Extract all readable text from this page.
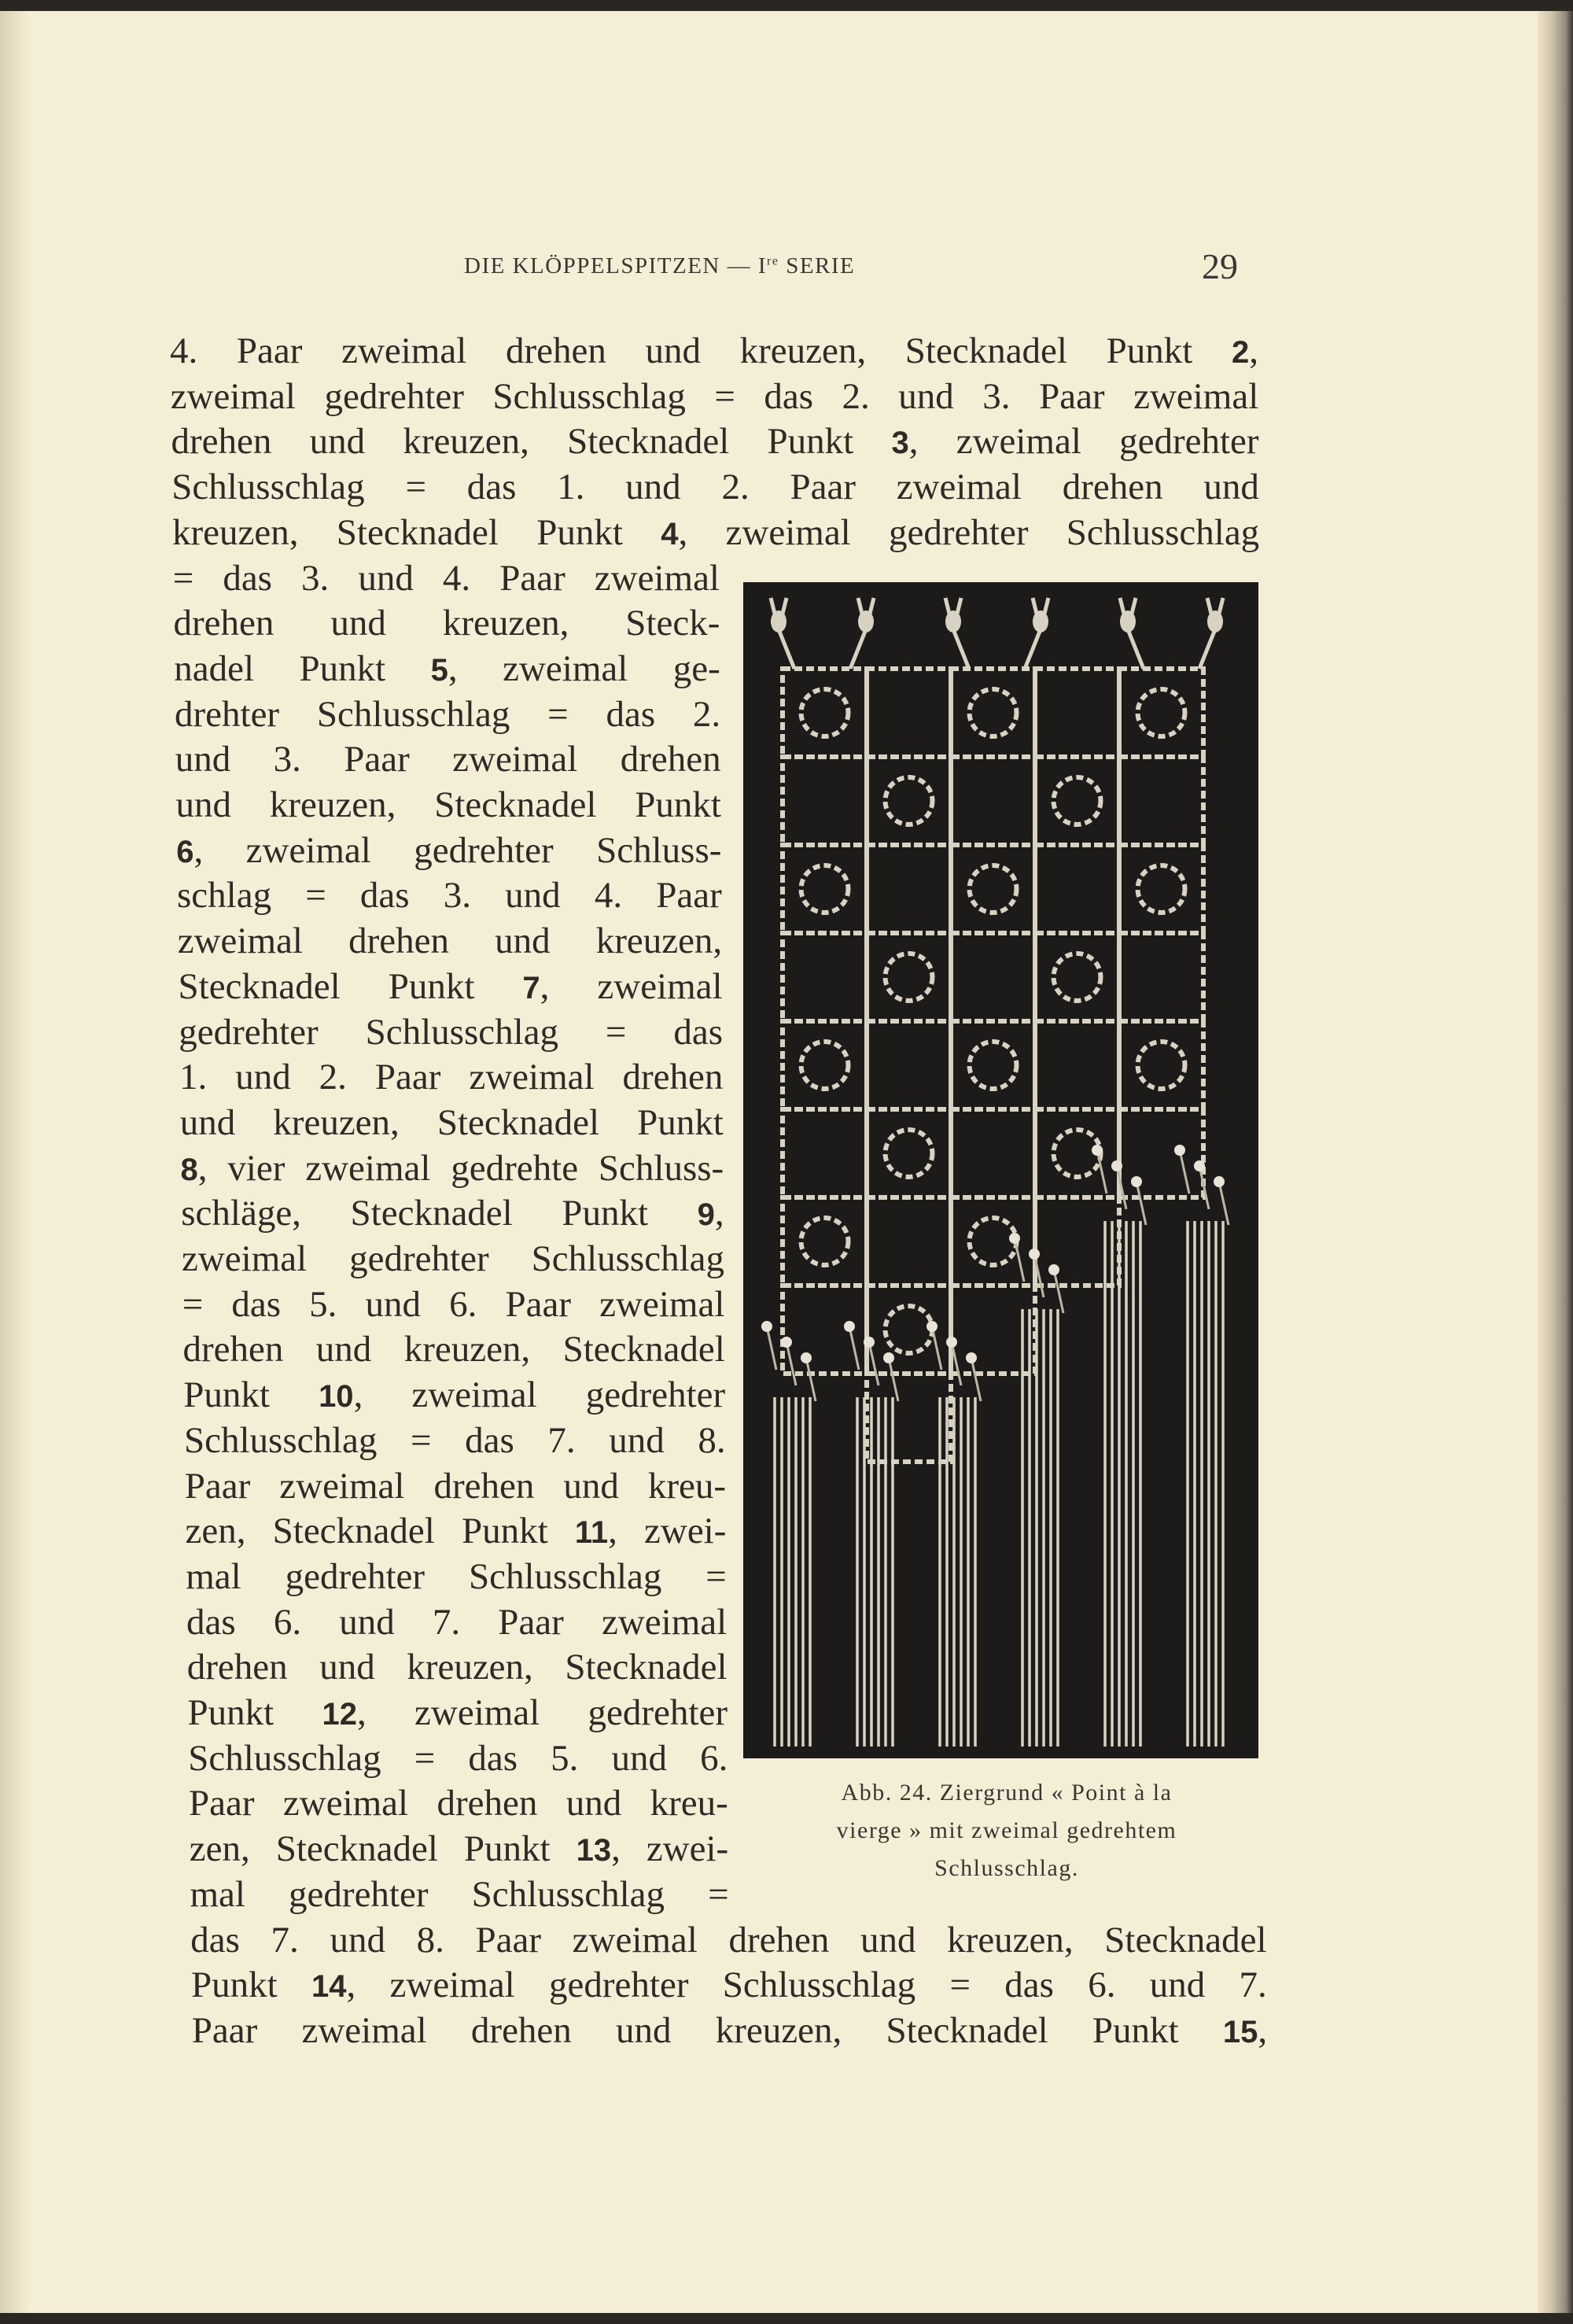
DIE KLÖPPELSPITZEN — Ire SERIE	29
4. Paar zweimal drehen und kreuzen, Stecknadel Punkt 2,
zweimal gedrehter Schlusschlag = das 2. und 3. Paar zweimal
drehen und kreuzen, Stecknadel Punkt 3, zweimal gedrehter
Schlusschlag = das 1. und 2. Paar zweimal drehen und
kreuzen, Stecknadel Punkt 4, zweimal gedrehter Schlusschlag
= das 3. und 4. Paar zweimal
drehen und kreuzen, Steck-
nadel Punkt 5, zweimal ge-
drehter Schlusschlag = das 2.
und 3. Paar zweimal drehen
und kreuzen, Stecknadel Punkt
6, zweimal gedrehter Schluss-
schlag = das 3. und 4. Paar
zweimal drehen und kreuzen,
Stecknadel Punkt 7, zweimal
gedrehter Schlusschlag = das
1. und 2. Paar zweimal drehen
und kreuzen, Stecknadel Punkt
8, vier zweimal gedrehte Schluss-
schläge, Stecknadel Punkt 9,
zweimal gedrehter Schlusschlag
= das 5. und 6. Paar zweimal
drehen und kreuzen, Stecknadel
Punkt 10, zweimal gedrehter
Schlusschlag = das 7. und 8.
Paar zweimal drehen und kreu-
zen, Stecknadel Punkt 11, zwei-
mal gedrehter Schlusschlag =
das 6. und 7. Paar zweimal
drehen und kreuzen, Stecknadel
Punkt 12, zweimal gedrehter
Schlusschlag = das 5. und 6.
Paar zweimal drehen und kreu-
zen, Stecknadel Punkt 13, zwei-
mal gedrehter Schlusschlag =
das 7. und 8. Paar zweimal drehen und kreuzen, Stecknadel
Punkt 14, zweimal gedrehter Schlusschlag = das 6. und 7.
Paar zweimal drehen und kreuzen, Stecknadel Punkt 15,
Abb. 24. Ziergrund « Point à la
vierge » mit zweimal gedrehtem
Schlusschlag.
